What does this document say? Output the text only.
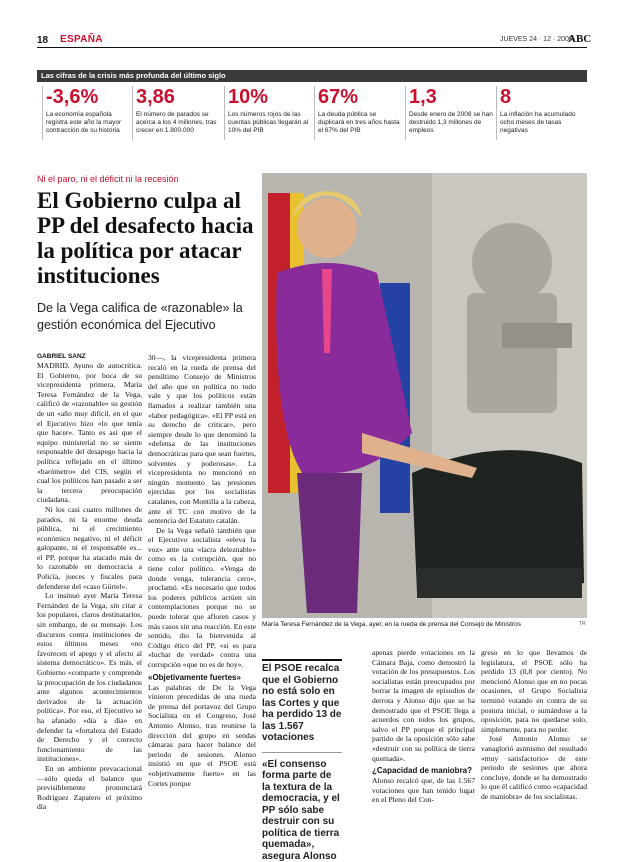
18 ESPAÑA	JUEVES 24 · 12 · 2009
ABC
Las cifras de la crisis más profunda del último siglo
-3,6%
La economía española registra este año la mayor contracción de su historia
3,86
El número de parados se acerca a los 4 millones, tras crecer en 1.800.000
10%
Los números rojos de las cuentas públicas llegarán al 10% del PIB
67%
La deuda pública se duplicará en tres años hasta el 67% del PIB
1,3
Desde enero de 2008 se han destruido 1,3 millones de empleos
8
La inflación ha acumulado ocho meses de tasas negativas
Ni el paro, ni el déficit ni la recesión
El Gobierno culpa al PP del desafecto hacia la política por atacar instituciones
De la Vega califica de «razonable» la gestión económica del Ejecutivo
María Teresa Fernández de la Vega, ayer, en la rueda de prensa del Consejo de Ministros	TR
GABRIEL SANZ

MADRID. Ayuno de autocrítica. El Gobierno, por boca de su vicepresidenta primera, María Teresa Fernández de la Vega, calificó de «razonable» su gestión de un «año muy difícil, en el que el Ejecutivo hizo «lo que tenía que hacer». Tanto es así que el equipo ministerial no se siente responsable del desapego hacia la política reflejado en el último «barómetro» del CIS, según el cual los políticos han pasado a ser la tercera preocupación ciudadana.

Ni los casi cuatro millones de parados, ni la enorme deuda pública, ni el crecimiento económico negativo, ni el déficit galopante, ni el responsable es... el PP, porque ha atacado más de lo razonable en democracia a Policía, jueces y fiscales para defenderse del «caso Gürtel».

Lo insinuó ayer María Teresa Fernández de la Vega, sin citar a los populares, claros destinatarios, sin embargo, de su mensaje. Los discursos contra instituciones de estos últimos meses «no favorecen el apego y el afecto al sistema democrático». Es más, el Gobierno «comparte y comprende la preocupación de los ciudadanos ante algunos acontecimientos derivados de la actuación política». Por eso, el Ejecutivo se ha afanado «día a día» en defender la «fortaleza del Estado de Derecho y el correcto funcionamiento de las instituciones».

En un ambiente prevacacional —sólo queda el balance que previsiblemente pronunciará Rodríguez Zapatero el próximo día

30—, la vicepresidenta primera recaló en la rueda de prensa del penúltimo Consejo de Ministros del año que en política no todo vale y que los políticos están llamados a realizar también una «labor pedagógica». «El PP está en su derecho de criticar», pero siempre desde lo que denominó la «defensa de las instituciones democráticas para que sean fuertes, solventes y poderosas». La vicepresidenta no mencionó en ningún momento las presiones ejercidas por los socialistas catalanes, con Montilla a la cabeza, ante el TC con motivo de la sentencia del Estatuto catalán.

De la Vega señaló también que el Ejecutivo socialista «eleva la voz» ante una «lacra deleznable» como es la corrupción, que no tiene color político. «Venga de donde venga, tolerancia cero», proclamó. «Es necesario que todos los poderes públicos actúen sin contemplaciones porque no se puede tolerar que afloren casos y más casos sin una reacción. En este sentido, dio la bienvenida al Código ético del PP, «si es para «luchar de verdad» contra una corrupción «que no es de hoy».

«Objetivamente fuertes»

Las palabras de De la Vega vinieron precedidas de una rueda de prensa del portavoz del Grupo Socialista en el Congreso, José Antonio Alonso, tras reunirse la dirección del grupo en sendas cámaras para hacer balance del periodo de sesiones. Alonso insistió en que el PSOE está «objetivamente fuerte» en las Cortes porque

El PSOE recalca que el Gobierno no está solo en las Cortes y que ha perdido 13 de las 1.567 votaciones
«El consenso forma parte de la textura de la democracia, y el PP sólo sabe destruir con su política de tierra quemada», asegura Alonso

apenas pierde votaciones en la Cámara Baja, como demostró la votación de los presupuestos. Los socialistas están preocupados por borrar la imagen de episodios de derrota y Alonso dijo que se ha demostrado que el PSOE llega a acuerdos con todos los grupos, salvo el PP porque el principal partido de la oposición sólo sabe «destruir con su política de tierra quemada».

¿Capacidad de maniobra?

Alonso recalcó que, de las 1.567 votaciones que han tenido lugar en el Pleno del Con-

greso en lo que llevamos de legislatura, el PSOE sólo ha perdido 13 (0,8 por ciento). No mencionó Alonso que en no pocas ocasiones, el Grupo Socialista terminó votando en contra de su postura inicial, o sumándose a la oposición, para no quedarse solo, simplemente, para no perder.

José Antonio Alonso se vanaglorió asimismo del resultado «muy satisfactorio» de este periodo de sesiones que ahora concluye, donde se ha demostrado lo que él calificó como «capacidad de maniobra» de los socialistas.
